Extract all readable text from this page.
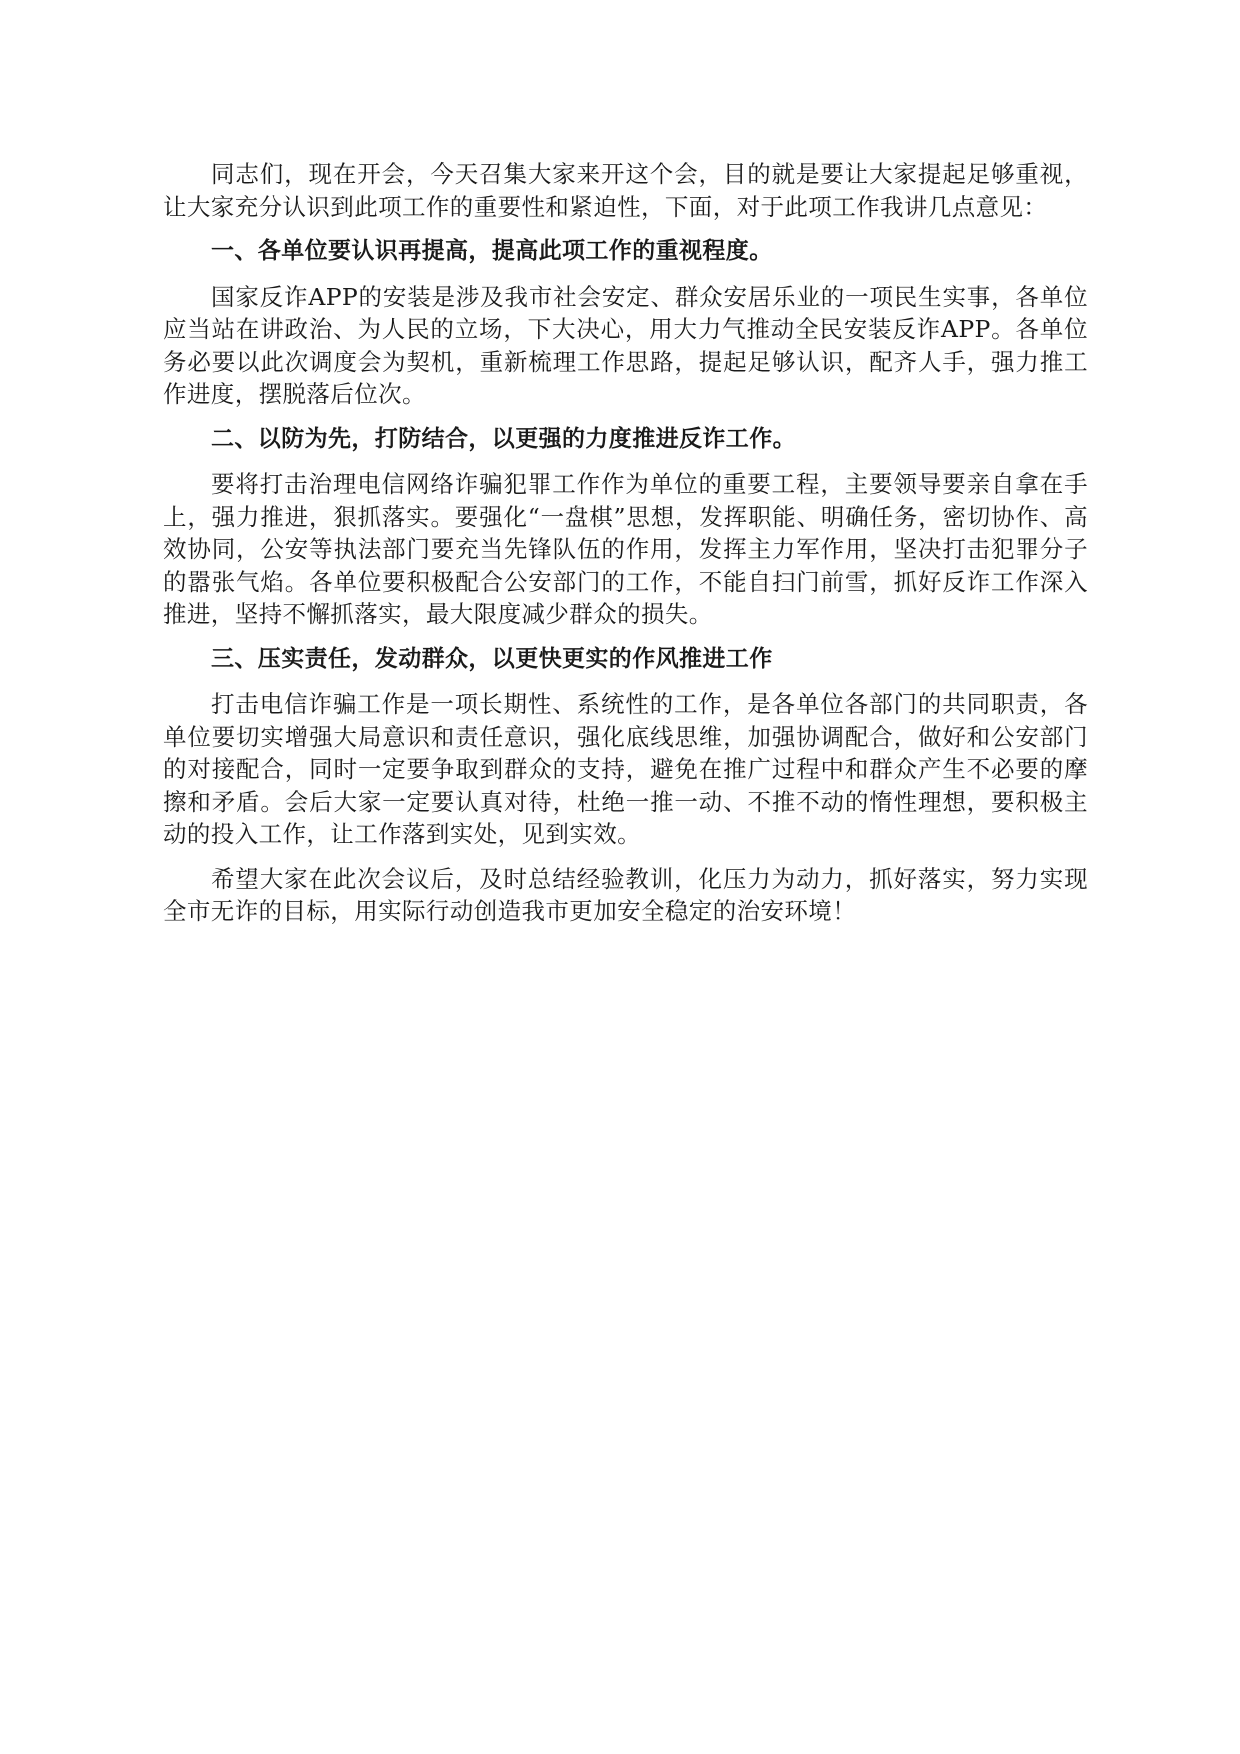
同志们，现在开会，今天召集大家来开这个会，目的就是要让大家提起足够重视，让大家充分认识到此项工作的重要性和紧迫性，下面，对于此项工作我讲几点意见：

一、各单位要认识再提高，提高此项工作的重视程度。

国家反诈APP的安装是涉及我市社会安定、群众安居乐业的一项民生实事，各单位应当站在讲政治、为人民的立场，下大决心，用大力气推动全民安装反诈APP。各单位务必要以此次调度会为契机，重新梳理工作思路，提起足够认识，配齐人手，强力推工作进度，摆脱落后位次。

二、以防为先，打防结合，以更强的力度推进反诈工作。

要将打击治理电信网络诈骗犯罪工作作为单位的重要工程，主要领导要亲自拿在手上，强力推进，狠抓落实。要强化“一盘棋”思想，发挥职能、明确任务，密切协作、高效协同，公安等执法部门要充当先锋队伍的作用，发挥主力军作用，坚决打击犯罪分子的嚣张气焰。各单位要积极配合公安部门的工作，不能自扫门前雪，抓好反诈工作深入推进，坚持不懈抓落实，最大限度减少群众的损失。

三、压实责任，发动群众，以更快更实的作风推进工作

打击电信诈骗工作是一项长期性、系统性的工作，是各单位各部门的共同职责，各单位要切实增强大局意识和责任意识，强化底线思维，加强协调配合，做好和公安部门的对接配合，同时一定要争取到群众的支持，避免在推广过程中和群众产生不必要的摩擦和矛盾。会后大家一定要认真对待，杜绝一推一动、不推不动的惰性理想，要积极主动的投入工作，让工作落到实处，见到实效。

希望大家在此次会议后，及时总结经验教训，化压力为动力，抓好落实，努力实现全市无诈的目标，用实际行动创造我市更加安全稳定的治安环境！
